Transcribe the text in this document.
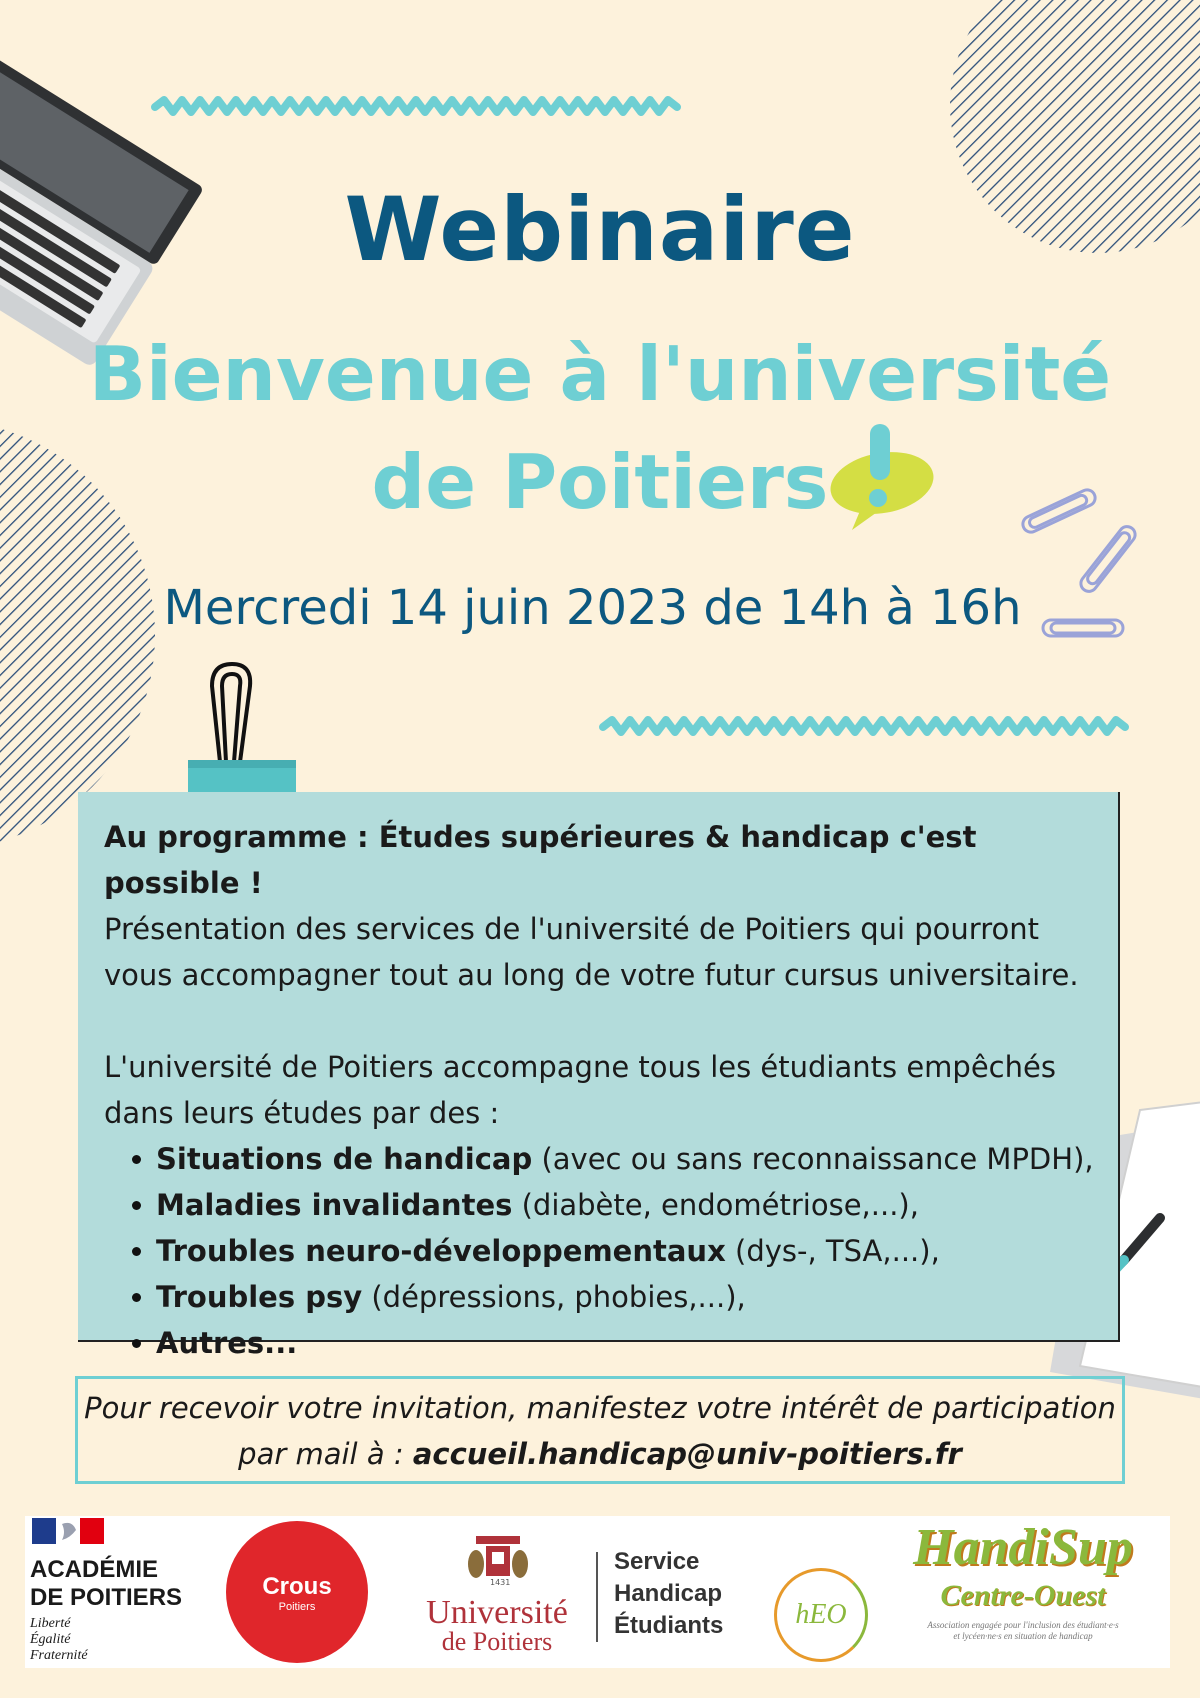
Webinaire
Bienvenue à l'université
de Poitiers
Mercredi 14 juin 2023 de 14h à 16h

Au programme : Études supérieures & handicap c'est possible !

Présentation des services de l'université de Poitiers qui pourront

vous accompagner tout au long de votre futur cursus universitaire.

L'université de Poitiers accompagne tous les étudiants empêchés

dans leurs études par des :

Situations de handicap (avec ou sans reconnaissance MPDH),
Maladies invalidantes (diabète, endométriose,...),
Troubles neuro-développementaux (dys-, TSA,...),
Troubles psy (dépressions, phobies,...),
Autres...
Pour recevoir votre invitation, manifestez votre intérêt de participation
par mail à : accueil.handicap@univ-poitiers.fr
ACADÉMIE
DE POITIERS
Liberté
Égalité
Fraternité
Crous
Poitiers
1431
Université
de Poitiers
Service
Handicap
Étudiants	hEO
HandiSup
Centre-Ouest
Association engagée pour l'inclusion des étudiant·e·s
et lycéen·ne·s en situation de handicap
